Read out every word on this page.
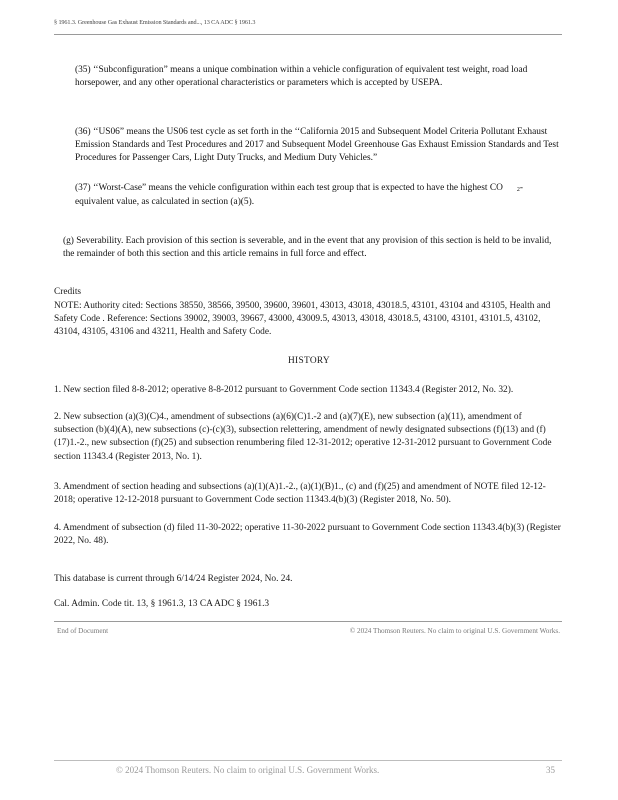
§ 1961.3. Greenhouse Gas Exhaust Emission Standards and..., 13 CA ADC § 1961.3

(35) ‘‘Subconfiguration” means a unique combination within a vehicle configuration of equivalent test weight, road load horsepower, and any other operational characteristics or parameters which is accepted by USEPA.

(36) ‘‘US06” means the US06 test cycle as set forth in the ‘‘California 2015 and Subsequent Model Criteria Pollutant Exhaust Emission Standards and Test Procedures and 2017 and Subsequent Model Greenhouse Gas Exhaust Emission Standards and Test Procedures for Passenger Cars, Light Duty Trucks, and Medium Duty Vehicles.”

(37) ‘‘Worst-Case” means the vehicle configuration within each test group that is expected to have the highest CO 2-equivalent value, as calculated in section (a)(5).

(g) Severability. Each provision of this section is severable, and in the event that any provision of this section is held to be invalid, the remainder of both this section and this article remains in full force and effect.

Credits
NOTE: Authority cited: Sections 38550, 38566, 39500, 39600, 39601, 43013, 43018, 43018.5, 43101, 43104 and 43105, Health and Safety Code . Reference: Sections 39002, 39003, 39667, 43000, 43009.5, 43013, 43018, 43018.5, 43100, 43101, 43101.5, 43102, 43104, 43105, 43106 and 43211, Health and Safety Code.
HISTORY
1. New section filed 8-8-2012; operative 8-8-2012 pursuant to Government Code section 11343.4 (Register 2012, No. 32).
2. New subsection (a)(3)(C)4., amendment of subsections (a)(6)(C)1.-2 and (a)(7)(E), new subsection (a)(11), amendment of subsection (b)(4)(A), new subsections (c)-(c)(3), subsection relettering, amendment of newly designated subsections (f)(13) and (f)(17)1.-2., new subsection (f)(25) and subsection renumbering filed 12-31-2012; operative 12-31-2012 pursuant to Government Code section 11343.4 (Register 2013, No. 1).
3. Amendment of section heading and subsections (a)(1)(A)1.-2., (a)(1)(B)1., (c) and (f)(25) and amendment of NOTE filed 12-12-2018; operative 12-12-2018 pursuant to Government Code section 11343.4(b)(3) (Register 2018, No. 50).
4. Amendment of subsection (d) filed 11-30-2022; operative 11-30-2022 pursuant to Government Code section 11343.4(b)(3) (Register 2022, No. 48).
This database is current through 6/14/24 Register 2024, No. 24.
Cal. Admin. Code tit. 13, § 1961.3, 13 CA ADC § 1961.3
End of Document	© 2024 Thomson Reuters. No claim to original U.S. Government Works.
© 2024 Thomson Reuters. No claim to original U.S. Government Works.	35
